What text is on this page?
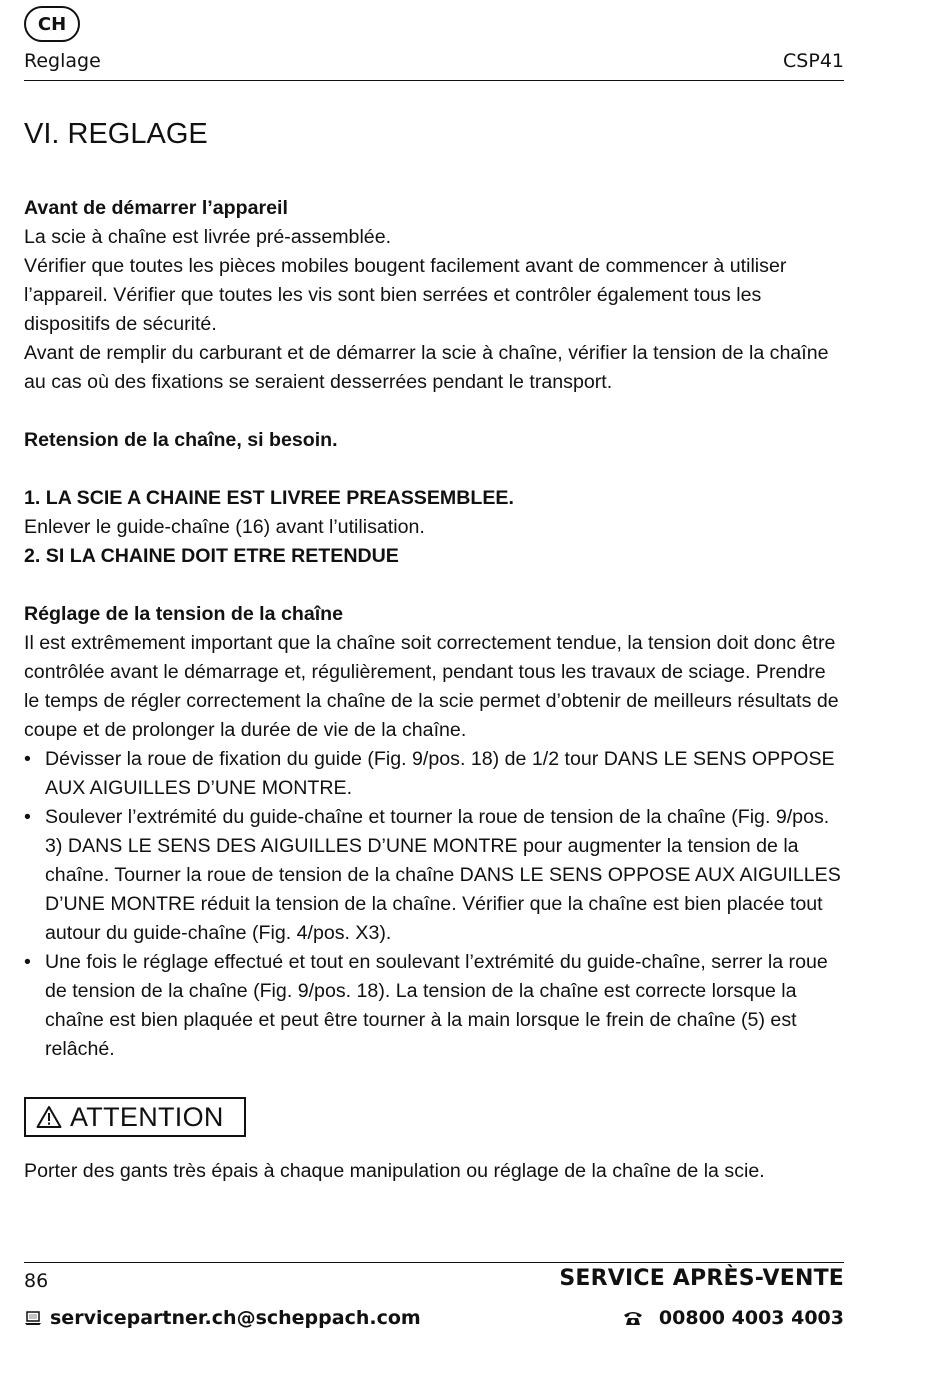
CH
Reglage	CSP41
VI. REGLAGE

Avant de démarrer l’appareil

La scie à chaîne est livrée pré-assemblée.

Vérifier que toutes les pièces mobiles bougent facilement avant de commencer à utiliser l’appareil. Vérifier que toutes les vis sont bien serrées et contrôler également tous les dispositifs de sécurité.

Avant de remplir du carburant et de démarrer la scie à chaîne, vérifier la tension de la chaîne au cas où des fixations se seraient desserrées pendant le transport.

Retension de la chaîne, si besoin.

1. LA SCIE A CHAINE EST LIVREE PREASSEMBLEE.

Enlever le guide-chaîne (16) avant l’utilisation.

2. SI LA CHAINE DOIT ETRE RETENDUE

Réglage de la tension de la chaîne

Il est extrêmement important que la chaîne soit correctement tendue, la tension doit donc être contrôlée avant le démarrage et, régulièrement, pendant tous les travaux de sciage. Prendre le temps de régler correctement la chaîne de la scie permet d’obtenir de meilleurs résultats de coupe et de prolonger la durée de vie de la chaîne.

• Dévisser la roue de fixation du guide (Fig. 9/pos. 18) de 1/2 tour DANS LE SENS OPPOSE AUX AIGUILLES D’UNE MONTRE.
• Soulever l’extrémité du guide-chaîne et tourner la roue de tension de la chaîne (Fig. 9/pos. 3) DANS LE SENS DES AIGUILLES D’UNE MONTRE pour augmenter la tension de la chaîne. Tourner la roue de tension de la chaîne DANS LE SENS OPPOSE AUX AIGUILLES D’UNE MONTRE réduit la tension de la chaîne. Vérifier que la chaîne est bien placée tout autour du guide-chaîne (Fig. 4/pos. X3).
• Une fois le réglage effectué et tout en soulevant l’extrémité du guide-chaîne, serrer la roue de tension de la chaîne (Fig. 9/pos. 18). La tension de la chaîne est correcte lorsque la chaîne est bien plaquée et peut être tourner à la main lorsque le frein de chaîne (5) est relâché.
ATTENTION

Porter des gants très épais à chaque manipulation ou réglage de la chaîne de la scie.

86	SERVICE APRÈS-VENTE
servicepartner.ch@scheppach.com	00800 4003 4003
